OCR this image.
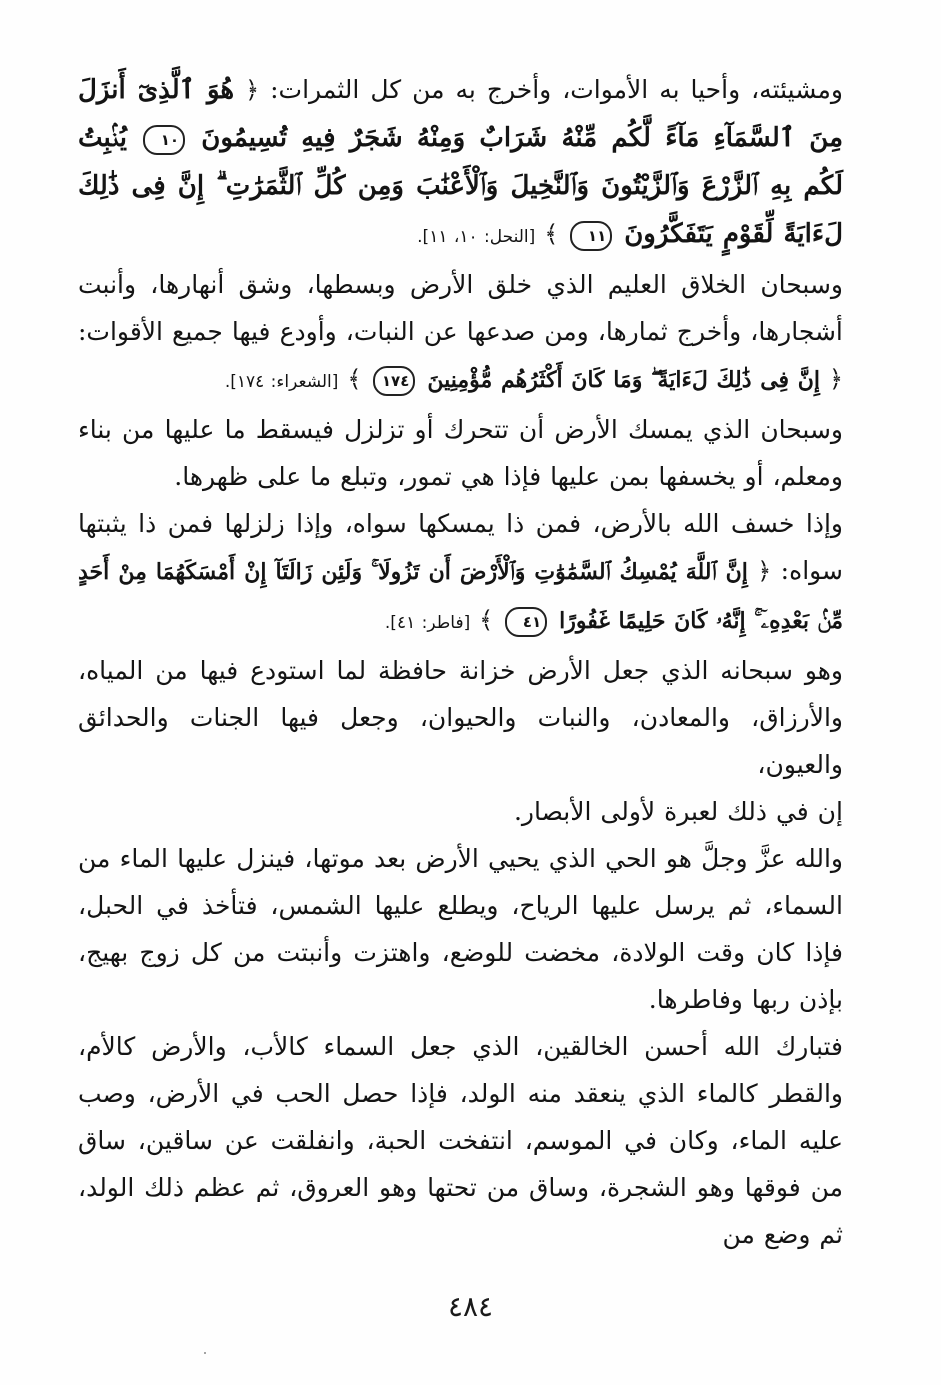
ومشيئته، وأحيا به الأموات، وأخرج به من كل الثمرات: ﴿ هُوَ ٱلَّذِىٓ أَنزَلَ مِنَ ٱلسَّمَآءِ مَآءً لَّكُم مِّنْهُ شَرَابٌ وَمِنْهُ شَجَرٌ فِيهِ تُسِيمُونَ ١٠ يُنۢبِتُ لَكُم بِهِ ٱلزَّرْعَ وَٱلزَّيْتُونَ وَٱلنَّخِيلَ وَٱلْأَعْنَٰبَ وَمِن كُلِّ ٱلثَّمَرَٰتِ ۗ إِنَّ فِى ذَٰلِكَ لَءَايَةً لِّقَوْمٍ يَتَفَكَّرُونَ ١١ ﴾ [النحل: ١٠، ١١].

وسبحان الخلاق العليم الذي خلق الأرض وبسطها، وشق أنهارها، وأنبت أشجارها، وأخرج ثمارها، ومن صدعها عن النبات، وأودع فيها جميع الأقوات: ﴿ إِنَّ فِى ذَٰلِكَ لَءَايَةً ۖ وَمَا كَانَ أَكْثَرُهُم مُّؤْمِنِينَ ١٧٤ ﴾ [الشعراء: ١٧٤].

وسبحان الذي يمسك الأرض أن تتحرك أو تزلزل فيسقط ما عليها من بناء ومعلم، أو يخسفها بمن عليها فإذا هي تمور، وتبلع ما على ظهرها.

وإذا خسف الله بالأرض، فمن ذا يمسكها سواه، وإذا زلزلها فمن ذا يثبتها سواه: ﴿ إِنَّ ٱللَّهَ يُمْسِكُ ٱلسَّمَٰوَٰتِ وَٱلْأَرْضَ أَن تَزُولَا ۚ وَلَئِن زَالَتَآ إِنْ أَمْسَكَهُمَا مِنْ أَحَدٍ مِّنۢ بَعْدِهِۦٓ ۚ إِنَّهُۥ كَانَ حَلِيمًا غَفُورًا ٤١ ﴾ [فاطر: ٤١].

وهو سبحانه الذي جعل الأرض خزانة حافظة لما استودع فيها من المياه، والأرزاق، والمعادن، والنبات والحيوان، وجعل فيها الجنات والحدائق والعيون،

إن في ذلك لعبرة لأولى الأبصار.

والله عزَّ وجلَّ هو الحي الذي يحيي الأرض بعد موتها، فينزل عليها الماء من السماء، ثم يرسل عليها الرياح، ويطلع عليها الشمس، فتأخذ في الحبل، فإذا كان وقت الولادة، مخضت للوضع، واهتزت وأنبتت من كل زوج بهيج، بإذن ربها وفاطرها.

فتبارك الله أحسن الخالقين، الذي جعل السماء كالأب، والأرض كالأم، والقطر كالماء الذي ينعقد منه الولد، فإذا حصل الحب في الأرض، وصب عليه الماء، وكان في الموسم، انتفخت الحبة، وانفلقت عن ساقين، ساق من فوقها وهو الشجرة، وساق من تحتها وهو العروق، ثم عظم ذلك الولد، ثم وضع من

٤٨٤
